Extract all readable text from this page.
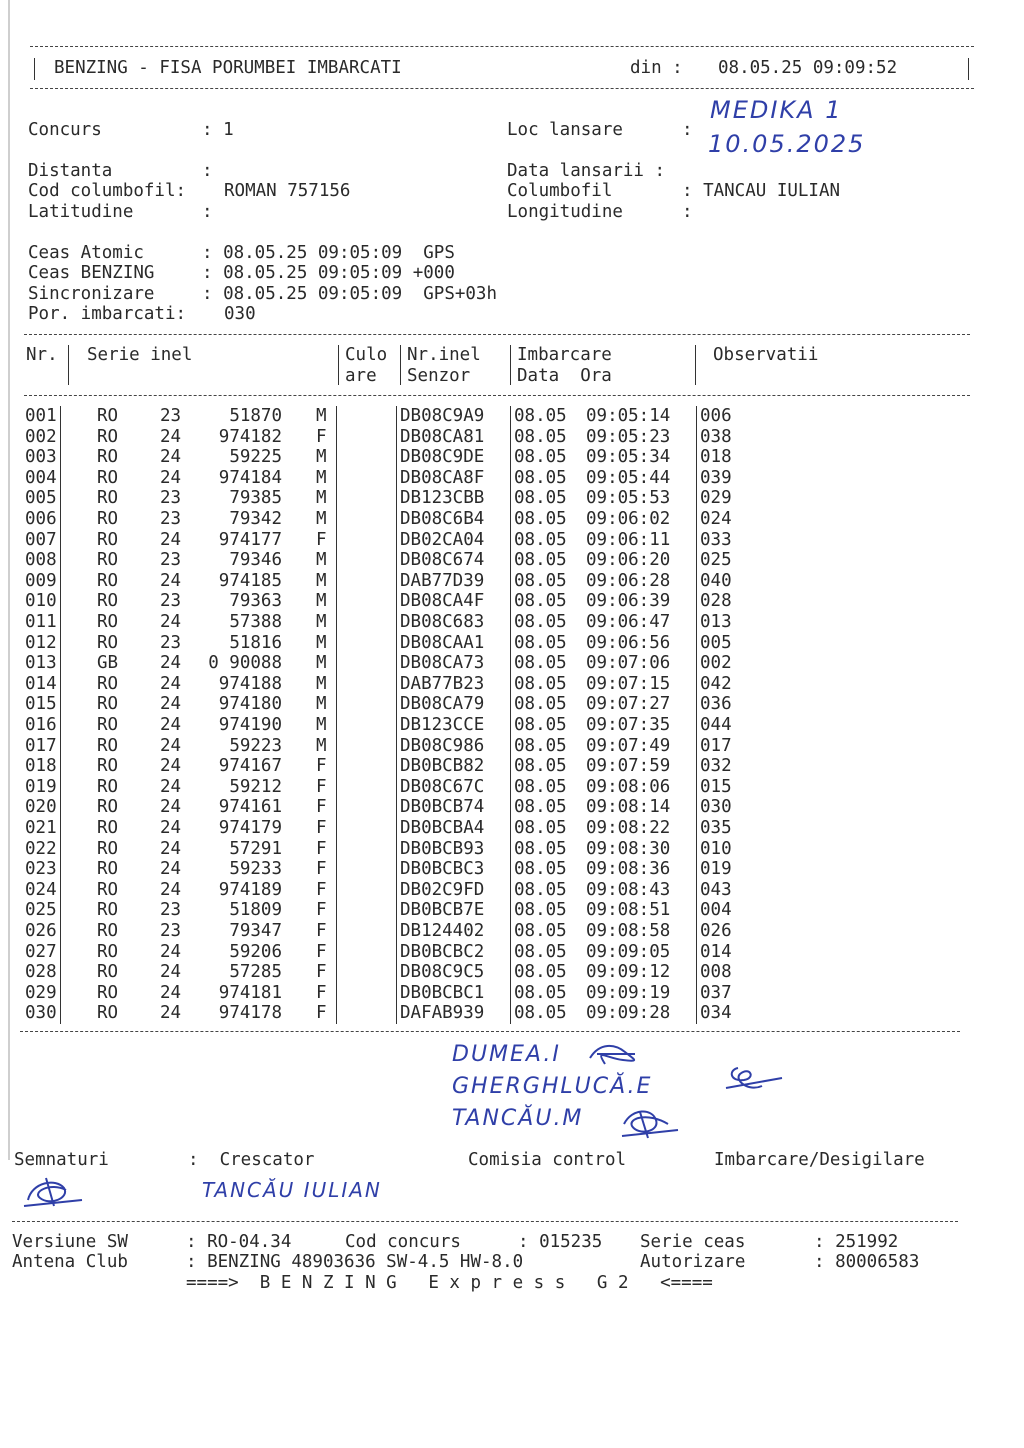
BENZING - FISA PORUMBEI IMBARCATI	din : 08.05.25 09:09:52
Concurs	: 1	Loc lansare	:
MEDIKA 1
10.05.2025
Distanta	:	Data lansarii :
Cod columbofil: ROMAN 757156	Columbofil	: TANCAU IULIAN
Latitudine	:	Longitudine	:
Ceas Atomic	: 08.05.25 09:05:09  GPS
Ceas BENZING	: 08.05.25 09:05:09 +000
Sincronizare	: 08.05.25 09:05:09  GPS+03h
Por. imbarcati: 030
Nr. Serie inel	Culo
are
Nr.inel
Senzor
Imbarcare
Data  Ora
Observatii
001 RO 23	51870 M	DB08C9A9 08.05 09:05:14 006
002 RO 24	974182 F	DB08CA81 08.05 09:05:23 038
003 RO 24	59225 M	DB08C9DE 08.05 09:05:34 018
004 RO 24	974184 M	DB08CA8F 08.05 09:05:44 039
005 RO 23	79385 M	DB123CBB 08.05 09:05:53 029
006 RO 23	79342 M	DB08C6B4 08.05 09:06:02 024
007 RO 24	974177 F	DB02CA04 08.05 09:06:11 033
008 RO 23	79346 M	DB08C674 08.05 09:06:20 025
009 RO 24	974185 M	DAB77D39 08.05 09:06:28 040
010 RO 23	79363 M	DB08CA4F 08.05 09:06:39 028
011 RO 24	57388 M	DB08C683 08.05 09:06:47 013
012 RO 23	51816 M	DB08CAA1 08.05 09:06:56 005
013 GB 24	0 90088 M	DB08CA73 08.05 09:07:06 002
014 RO 24	974188 M	DAB77B23 08.05 09:07:15 042
015 RO 24	974180 M	DB08CA79 08.05 09:07:27 036
016 RO 24	974190 M	DB123CCE 08.05 09:07:35 044
017 RO 24	59223 M	DB08C986 08.05 09:07:49 017
018 RO 24	974167 F	DB0BCB82 08.05 09:07:59 032
019 RO 24	59212 F	DB08C67C 08.05 09:08:06 015
020 RO 24	974161 F	DB0BCB74 08.05 09:08:14 030
021 RO 24	974179 F	DB0BCBA4 08.05 09:08:22 035
022 RO 24	57291 F	DB0BCB93 08.05 09:08:30 010
023 RO 24	59233 F	DB0BCBC3 08.05 09:08:36 019
024 RO 24	974189 F	DB02C9FD 08.05 09:08:43 043
025 RO 23	51809 F	DB0BCB7E 08.05 09:08:51 004
026 RO 23	79347 F	DB124402 08.05 09:08:58 026
027 RO 24	59206 F	DB0BCBC2 08.05 09:09:05 014
028 RO 24	57285 F	DB08C9C5 08.05 09:09:12 008
029 RO 24	974181 F	DB0BCBC1 08.05 09:09:19 037
030 RO 24	974178 F	DAFAB939 08.05 09:09:28 034
DUMEA.I
GHERGHLUCĂ.E
TANCĂU.M
Semnaturi	:  Crescator	Comisia control	Imbarcare/Desigilare
TANCĂU IULIAN
Versiune SW	: RO-04.34	Cod concurs	: 015235 Serie ceas	: 251992
Antena Club	: BENZING 48903636 SW-4.5 HW-8.0	Autorizare	: 80006583
====>  B E N Z I N G   E x p r e s s   G 2   <====
